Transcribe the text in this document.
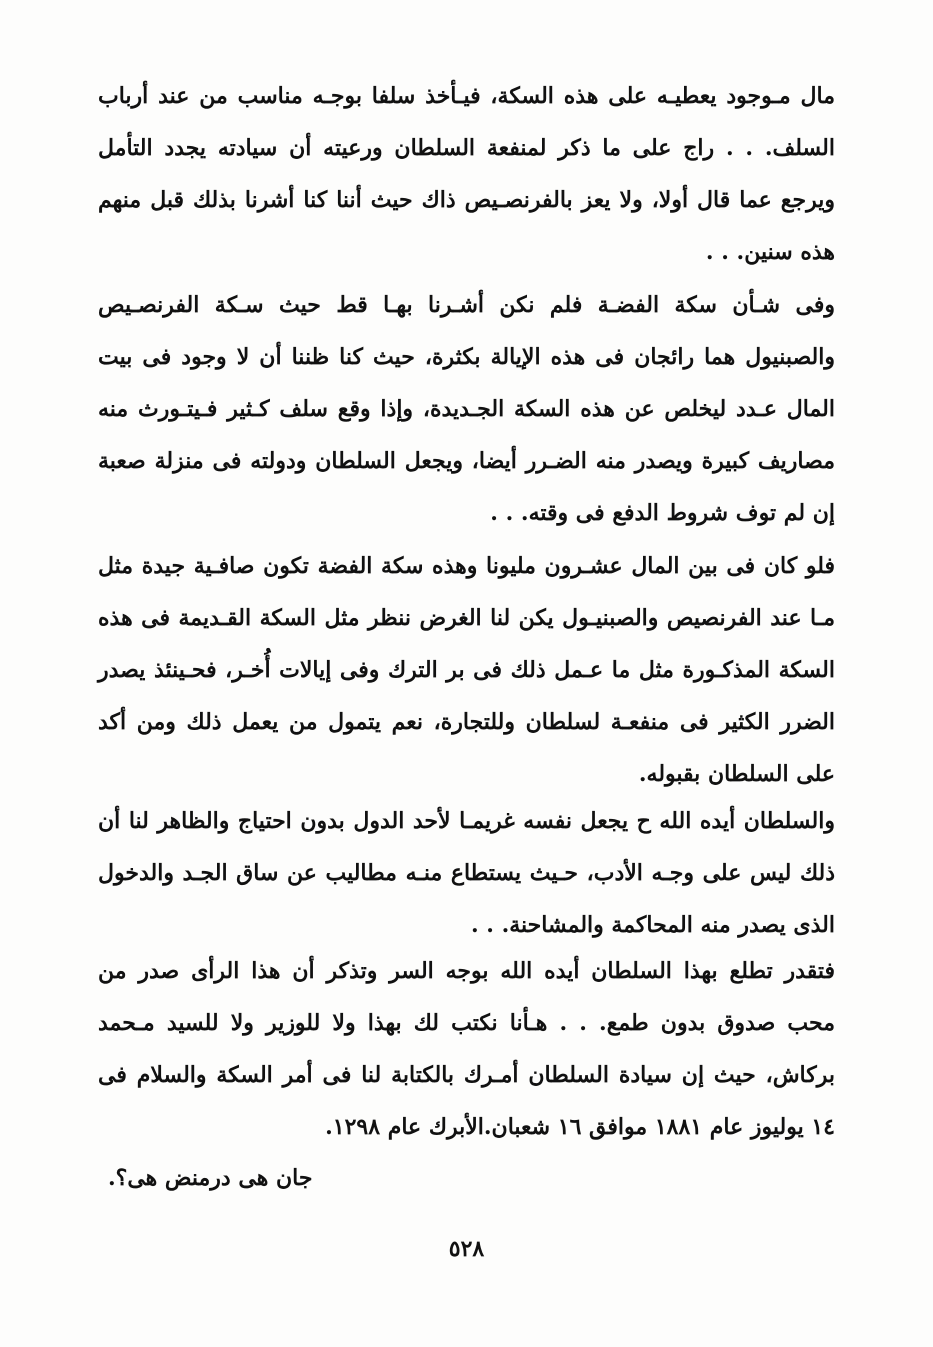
مال مـوجود يعطيـه على هذه السكة، فيـأخذ سلفا بوجـه مناسب من عند أرباب السلف. . . راج على ما ذكر لمنفعة السلطان ورعيته أن سيادته يجدد التأمل ويرجع عما قال أولا، ولا يعز بالفرنصـيص ذاك حيث أننا كنا أشرنا بذلك قبل منهم هذه سنين. . .

وفى شـأن سكة الفضـة فلم نكن أشـرنا بهـا قط حيث سـكة الفرنصـيص والصبنيول هما رائجان فى هذه الإيالة بكثرة، حيث كنا ظننا أن لا وجود فى بيت المال عـدد ليخلص عن هذه السكة الجـديدة، وإذا وقع سلف كـثير فـيتـورث منه مصاريف كبيرة ويصدر منه الضـرر أيضا، ويجعل السلطان ودولته فى منزلة صعبة إن لم توف شروط الدفع فى وقته. . .

فلو كان فى بين المال عشـرون مليونا وهذه سكة الفضة تكون صافـية جيدة مثل مـا عند الفرنصيص والصبنيـول يكن لنا الغرض ننظر مثل السكة القـديمة فى هذه السكة المذكـورة مثل ما عـمل ذلك فى بر الترك وفى إيالات أُخـر، فحـينئذ يصدر الضرر الكثير فى منفعـة لسلطان وللتجارة، نعم يتمول من يعمل ذلك ومن أكد على السلطان بقبوله.

والسلطان أيده الله ح يجعل نفسه غريمـا لأحد الدول بدون احتياج والظاهر لنا أن ذلك ليس على وجـه الأدب، حـيث يستطاع منـه مطاليب عن ساق الجـد والدخول الذى يصدر منه المحاكمة والمشاحنة. . .

فتقدر تطلع بهذا السلطان أيده الله بوجه السر وتذكر أن هذا الرأى صدر من محب صدوق بدون طمع. . . هـأنا نكتب لك بهذا ولا للوزير ولا للسيد مـحمد بركاش، حيث إن سيادة السلطان أمـرك بالكتابة لنا فى أمر السكة والسلام فى ١٤ يوليوز عام ١٨٨١ موافق ١٦ شعبان.الأبرك عام ١٢٩٨.

جان هى درمنض هى؟.
٥٢٨
